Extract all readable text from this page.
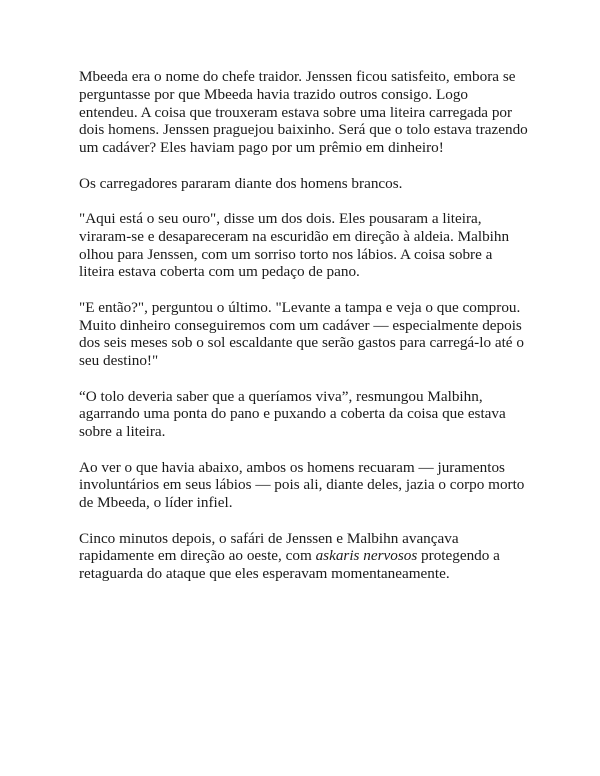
Mbeeda era o nome do chefe traidor. Jenssen ficou satisfeito, embora se perguntasse por que Mbeeda havia trazido outros consigo. Logo entendeu. A coisa que trouxeram estava sobre uma liteira carregada por dois homens. Jenssen praguejou baixinho. Será que o tolo estava trazendo um cadáver? Eles haviam pago por um prêmio em dinheiro!

Os carregadores pararam diante dos homens brancos.

"Aqui está o seu ouro", disse um dos dois. Eles pousaram a liteira, viraram-se e desapareceram na escuridão em direção à aldeia. Malbihn olhou para Jenssen, com um sorriso torto nos lábios. A coisa sobre a liteira estava coberta com um pedaço de pano.

"E então?", perguntou o último. "Levante a tampa e veja o que comprou. Muito dinheiro conseguiremos com um cadáver — especialmente depois dos seis meses sob o sol escaldante que serão gastos para carregá-lo até o seu destino!"

“O tolo deveria saber que a queríamos viva”, resmungou Malbihn, agarrando uma ponta do pano e puxando a coberta da coisa que estava sobre a liteira.

Ao ver o que havia abaixo, ambos os homens recuaram — juramentos involuntários em seus lábios — pois ali, diante deles, jazia o corpo morto de Mbeeda, o líder infiel.

Cinco minutos depois, o safári de Jenssen e Malbihn avançava rapidamente em direção ao oeste, com askaris nervosos protegendo a retaguarda do ataque que eles esperavam momentaneamente.
